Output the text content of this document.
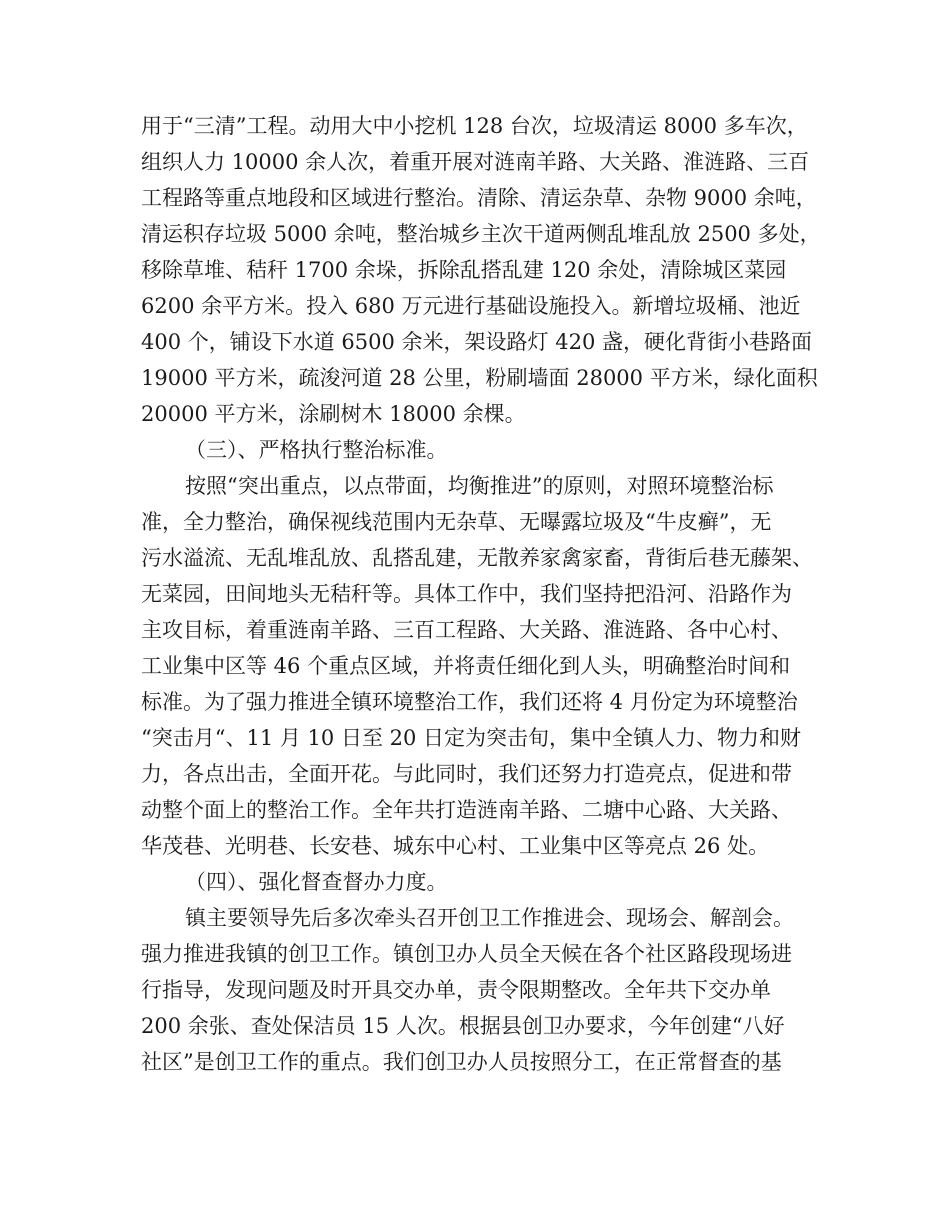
用于“三清”工程。动用大中小挖机 128 台次，垃圾清运 8000 多车次，
组织人力 10000 余人次，着重开展对涟南羊路、大关路、淮涟路、三百
工程路等重点地段和区域进行整治。清除、清运杂草、杂物 9000 余吨，
清运积存垃圾 5000 余吨，整治城乡主次干道两侧乱堆乱放 2500 多处，
移除草堆、秸秆 1700 余垛，拆除乱搭乱建 120 余处，清除城区菜园
6200 余平方米。投入 680 万元进行基础设施投入。新增垃圾桶、池近
400 个，铺设下水道 6500 余米，架设路灯 420 盏，硬化背街小巷路面
19000 平方米，疏浚河道 28 公里，粉刷墙面 28000 平方米，绿化面积
20000 平方米，涂刷树木 18000 余棵。
（三）、严格执行整治标准。
按照“突出重点，以点带面，均衡推进”的原则，对照环境整治标
准，全力整治，确保视线范围内无杂草、无曝露垃圾及“牛皮癣”，无
污水溢流、无乱堆乱放、乱搭乱建，无散养家禽家畜，背街后巷无藤架、
无菜园，田间地头无秸秆等。具体工作中，我们坚持把沿河、沿路作为
主攻目标，着重涟南羊路、三百工程路、大关路、淮涟路、各中心村、
工业集中区等 46 个重点区域，并将责任细化到人头，明确整治时间和
标准。为了强力推进全镇环境整治工作，我们还将 4 月份定为环境整治
“突击月“、11 月 10 日至 20 日定为突击旬，集中全镇人力、物力和财
力，各点出击，全面开花。与此同时，我们还努力打造亮点，促进和带
动整个面上的整治工作。全年共打造涟南羊路、二塘中心路、大关路、
华茂巷、光明巷、长安巷、城东中心村、工业集中区等亮点 26 处。
（四）、强化督查督办力度。
镇主要领导先后多次牵头召开创卫工作推进会、现场会、解剖会。
强力推进我镇的创卫工作。镇创卫办人员全天候在各个社区路段现场进
行指导，发现问题及时开具交办单，责令限期整改。全年共下交办单
200 余张、查处保洁员 15 人次。根据县创卫办要求，今年创建“八好
社区”是创卫工作的重点。我们创卫办人员按照分工，在正常督查的基
